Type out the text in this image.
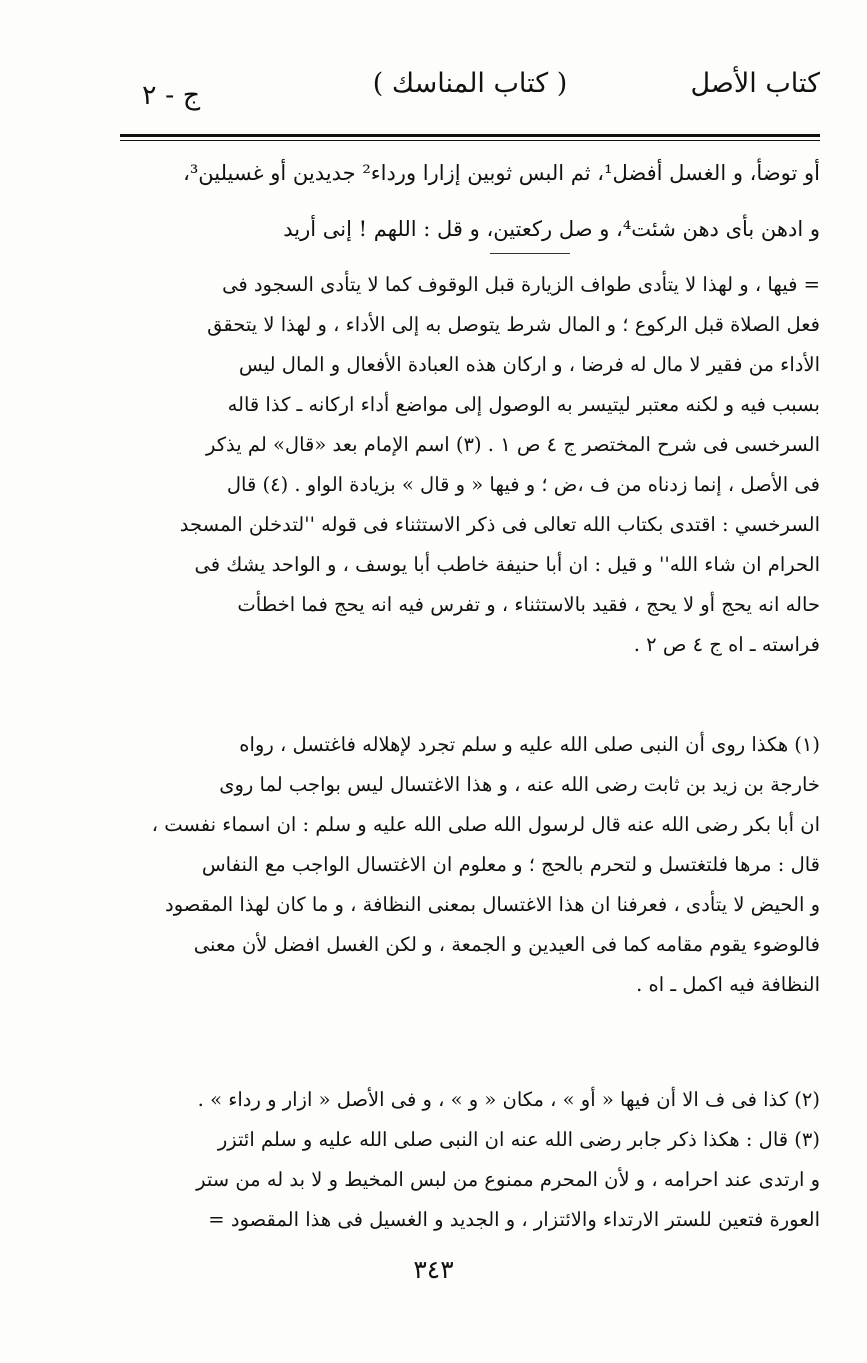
كتاب الأصل
( كتاب المناسك )
ج - ٢
أو توضأ، و الغسل أفضل¹، ثم البس ثوبين إزارا ورداء² جديدين أو غسيلين³،
و ادهن بأى دهن شئت⁴، و صل ركعتين، و قل : اللهم ! إنى أريد
= فيها ، و لهذا لا يتأدى طواف الزيارة قبل الوقوف كما لا يتأدى السجود فى
فعل الصلاة قبل الركوع ؛ و المال شرط يتوصل به إلى الأداء ، و لهذا لا يتحقق
الأداء من فقير لا مال له فرضا ، و اركان هذه العبادة الأفعال و المال ليس
بسبب فيه و لكنه معتبر ليتيسر به الوصول إلى مواضع أداء اركانه ـ كذا قاله
السرخسى فى شرح المختصر ج ٤ ص ١ . (٣) اسم الإمام بعد «قال» لم يذكر
فى الأصل ، إنما زدناه من ف ،ض ؛ و فيها « و قال » بزيادة الواو . (٤) قال
السرخسي : اقتدى بكتاب الله تعالى فى ذكر الاستثناء فى قوله ''لتدخلن المسجد
الحرام ان شاء الله'' و قيل : ان أبا حنيفة خاطب أبا يوسف ، و الواحد يشك فى
حاله انه يحج أو لا يحج ، فقيد بالاستثناء ، و تفرس فيه انه يحج فما اخطأت
فراسته ـ اه ج ٤ ص ٢ .
(١) هكذا روى أن النبى صلى الله عليه و سلم تجرد لإهلاله فاغتسل ، رواه
خارجة بن زيد بن ثابت رضى الله عنه ، و هذا الاغتسال ليس بواجب لما روى
ان أبا بكر رضى الله عنه قال لرسول الله صلى الله عليه و سلم : ان اسماء نفست ،
قال : مرها فلتغتسل و لتحرم بالحج ؛ و معلوم ان الاغتسال الواجب مع النفاس
و الحيض لا يتأدى ، فعرفنا ان هذا الاغتسال بمعنى النظافة ، و ما كان لهذا المقصود
فالوضوء يقوم مقامه كما فى العيدين و الجمعة ، و لكن الغسل افضل لأن معنى
النظافة فيه اكمل ـ اه .
(٢) كذا فى ف الا أن فيها « أو » ، مكان « و » ، و فى الأصل « ازار و رداء » .
(٣) قال : هكذا ذكر جابر رضى الله عنه ان النبى صلى الله عليه و سلم ائتزر
و ارتدى عند احرامه ، و لأن المحرم ممنوع من لبس المخيط و لا بد له من ستر
العورة فتعين للستر الارتداء والائتزار ، و الجديد و الغسيل فى هذا المقصود =
٣٤٣
